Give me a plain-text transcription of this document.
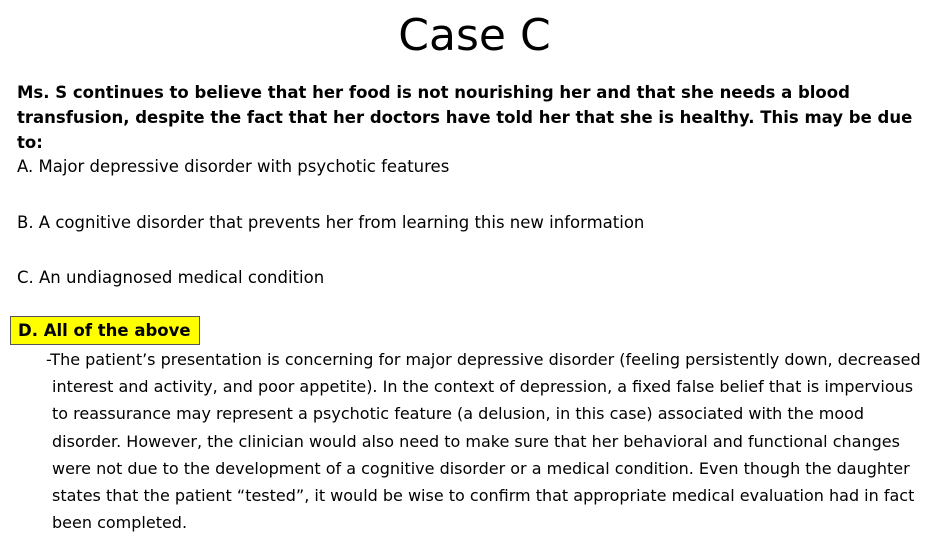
Case C

Ms. S continues to believe that her food is not nourishing her and that she needs a blood transfusion, despite the fact that her doctors have told her that she is healthy. This may be due to:

A. Major depressive disorder with psychotic features

B. A cognitive disorder that prevents her from learning this new information

C. An undiagnosed medical condition

D. All of the above

-The patient’s presentation is concerning for major depressive disorder (feeling persistently down, decreased interest and activity, and poor appetite). In the context of depression, a fixed false belief that is impervious to reassurance may represent a psychotic feature (a delusion, in this case) associated with the mood disorder. However, the clinician would also need to make sure that her behavioral and functional changes were not due to the development of a cognitive disorder or a medical condition. Even though the daughter states that the patient “tested”, it would be wise to confirm that appropriate medical evaluation had in fact been completed.
